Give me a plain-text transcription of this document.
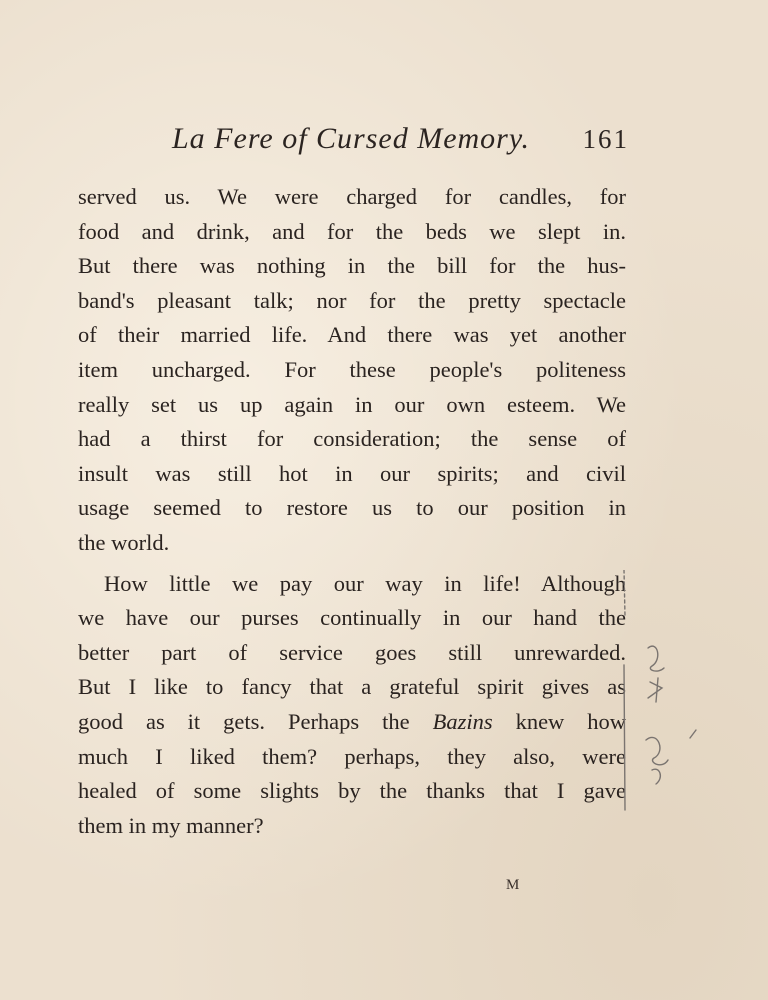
La Fere of Cursed Memory. 161
served us. We were charged for candles, for
food and drink, and for the beds we slept in.
But there was nothing in the bill for the hus-
band's pleasant talk; nor for the pretty spectacle
of their married life. And there was yet another
item uncharged. For these people's politeness
really set us up again in our own esteem. We
had a thirst for consideration; the sense of
insult was still hot in our spirits; and civil
usage seemed to restore us to our position in
the world.
How little we pay our way in life! Although
we have our purses continually in our hand the
better part of service goes still unrewarded.
But I like to fancy that a grateful spirit gives as
good as it gets. Perhaps the Bazins knew how
much I liked them? perhaps, they also, were
healed of some slights by the thanks that I gave
them in my manner?
M
